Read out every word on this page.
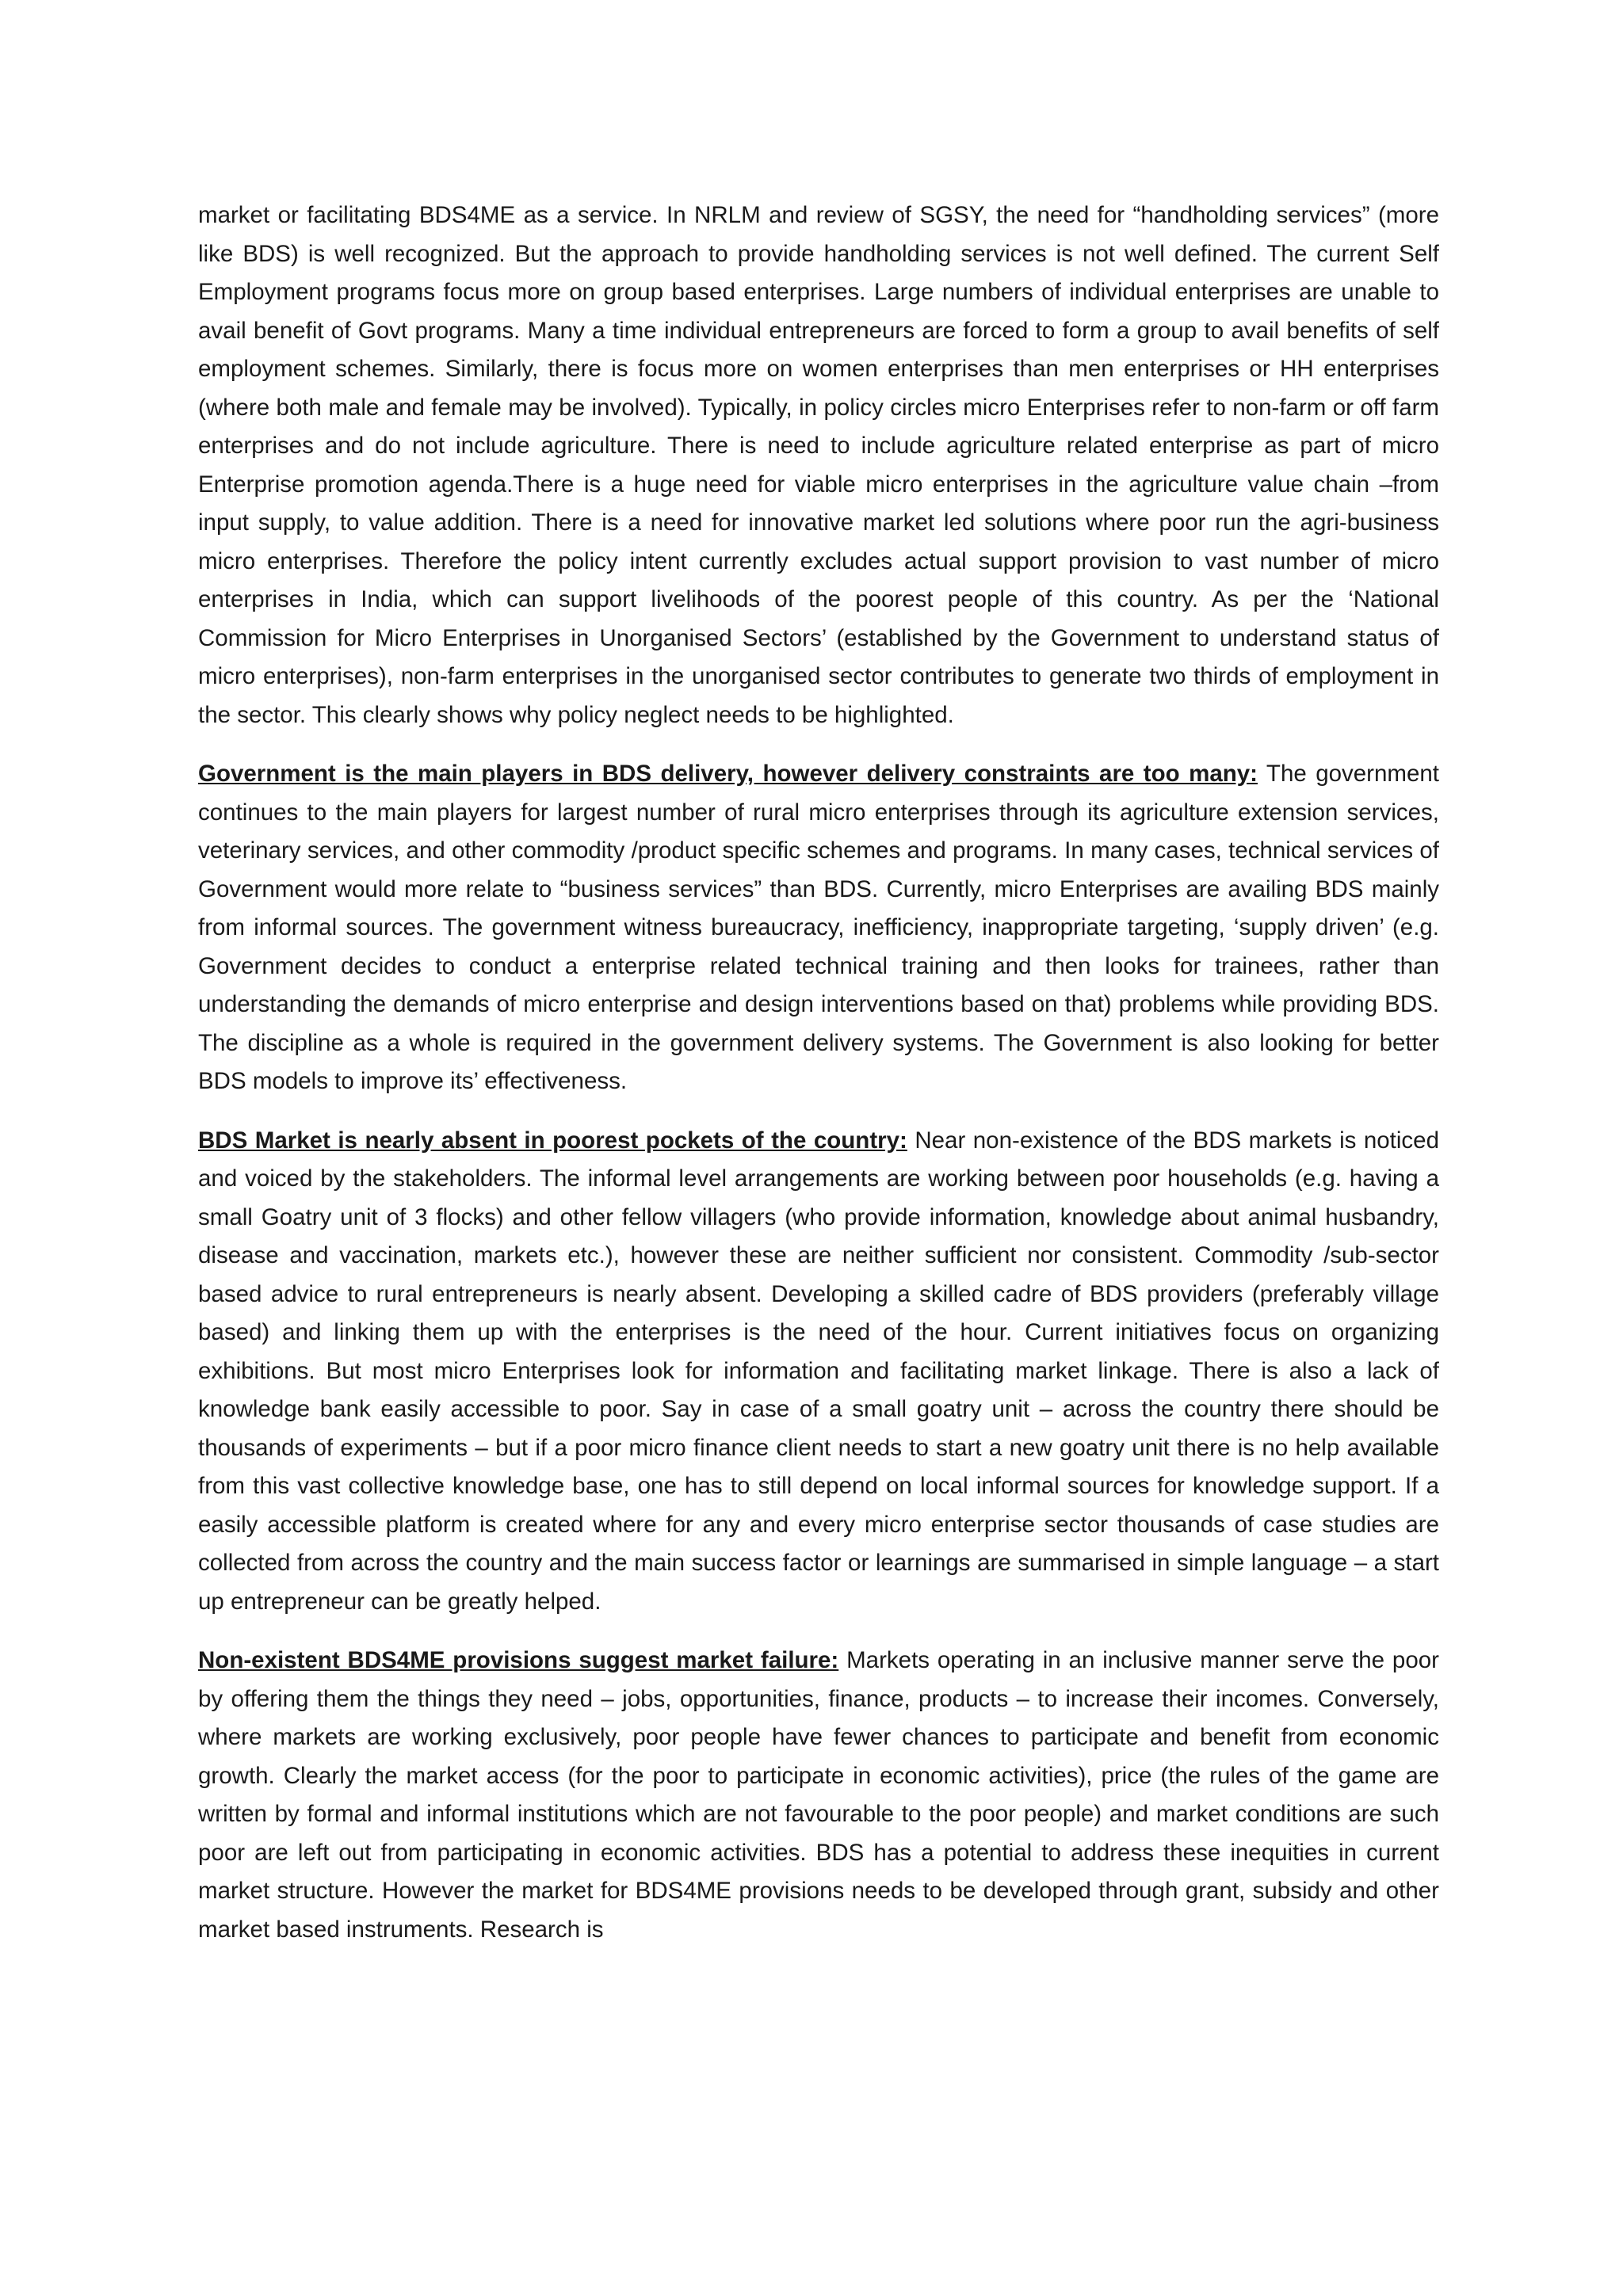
market or facilitating BDS4ME as a service. In NRLM and review of SGSY, the need for “handholding services” (more like BDS) is well recognized. But the approach to provide handholding services is not well defined. The current Self Employment programs focus more on group based enterprises. Large numbers of individual enterprises are unable to avail benefit of Govt programs. Many a time individual entrepreneurs are forced to form a group to avail benefits of self employment schemes. Similarly, there is focus more on women enterprises than men enterprises or HH enterprises (where both male and female may be involved). Typically, in policy circles micro Enterprises refer to non-farm or off farm enterprises and do not include agriculture. There is need to include agriculture related enterprise as part of micro Enterprise promotion agenda.There is a huge need for viable micro enterprises in the agriculture value chain –from input supply, to value addition. There is a need for innovative market led solutions where poor run the agri-business micro enterprises. Therefore the policy intent currently excludes actual support provision to vast number of micro enterprises in India, which can support livelihoods of the poorest people of this country. As per the ‘National Commission for Micro Enterprises in Unorganised Sectors’ (established by the Government to understand status of micro enterprises), non-farm enterprises in the unorganised sector contributes to generate two thirds of employment in the sector. This clearly shows why policy neglect needs to be highlighted.

Government is the main players in BDS delivery, however delivery constraints are too many: The government continues to the main players for largest number of rural micro enterprises through its agriculture extension services, veterinary services, and other commodity /product specific schemes and programs. In many cases, technical services of Government would more relate to “business services” than BDS. Currently, micro Enterprises are availing BDS mainly from informal sources. The government witness bureaucracy, inefficiency, inappropriate targeting, ‘supply driven’ (e.g. Government decides to conduct a enterprise related technical training and then looks for trainees, rather than understanding the demands of micro enterprise and design interventions based on that) problems while providing BDS. The discipline as a whole is required in the government delivery systems. The Government is also looking for better BDS models to improve its’ effectiveness.

BDS Market is nearly absent in poorest pockets of the country: Near non-existence of the BDS markets is noticed and voiced by the stakeholders. The informal level arrangements are working between poor households (e.g. having a small Goatry unit of 3 flocks) and other fellow villagers (who provide information, knowledge about animal husbandry, disease and vaccination, markets etc.), however these are neither sufficient nor consistent. Commodity /sub-sector based advice to rural entrepreneurs is nearly absent. Developing a skilled cadre of BDS providers (preferably village based) and linking them up with the enterprises is the need of the hour. Current initiatives focus on organizing exhibitions. But most micro Enterprises look for information and facilitating market linkage. There is also a lack of knowledge bank easily accessible to poor. Say in case of a small goatry unit – across the country there should be thousands of experiments – but if a poor micro finance client needs to start a new goatry unit there is no help available from this vast collective knowledge base, one has to still depend on local informal sources for knowledge support. If a easily accessible platform is created where for any and every micro enterprise sector thousands of case studies are collected from across the country and the main success factor or learnings are summarised in simple language – a start up entrepreneur can be greatly helped.

Non-existent BDS4ME provisions suggest market failure: Markets operating in an inclusive manner serve the poor by offering them the things they need – jobs, opportunities, finance, products – to increase their incomes. Conversely, where markets are working exclusively, poor people have fewer chances to participate and benefit from economic growth. Clearly the market access (for the poor to participate in economic activities), price (the rules of the game are written by formal and informal institutions which are not favourable to the poor people) and market conditions are such poor are left out from participating in economic activities. BDS has a potential to address these inequities in current market structure. However the market for BDS4ME provisions needs to be developed through grant, subsidy and other market based instruments. Research is
